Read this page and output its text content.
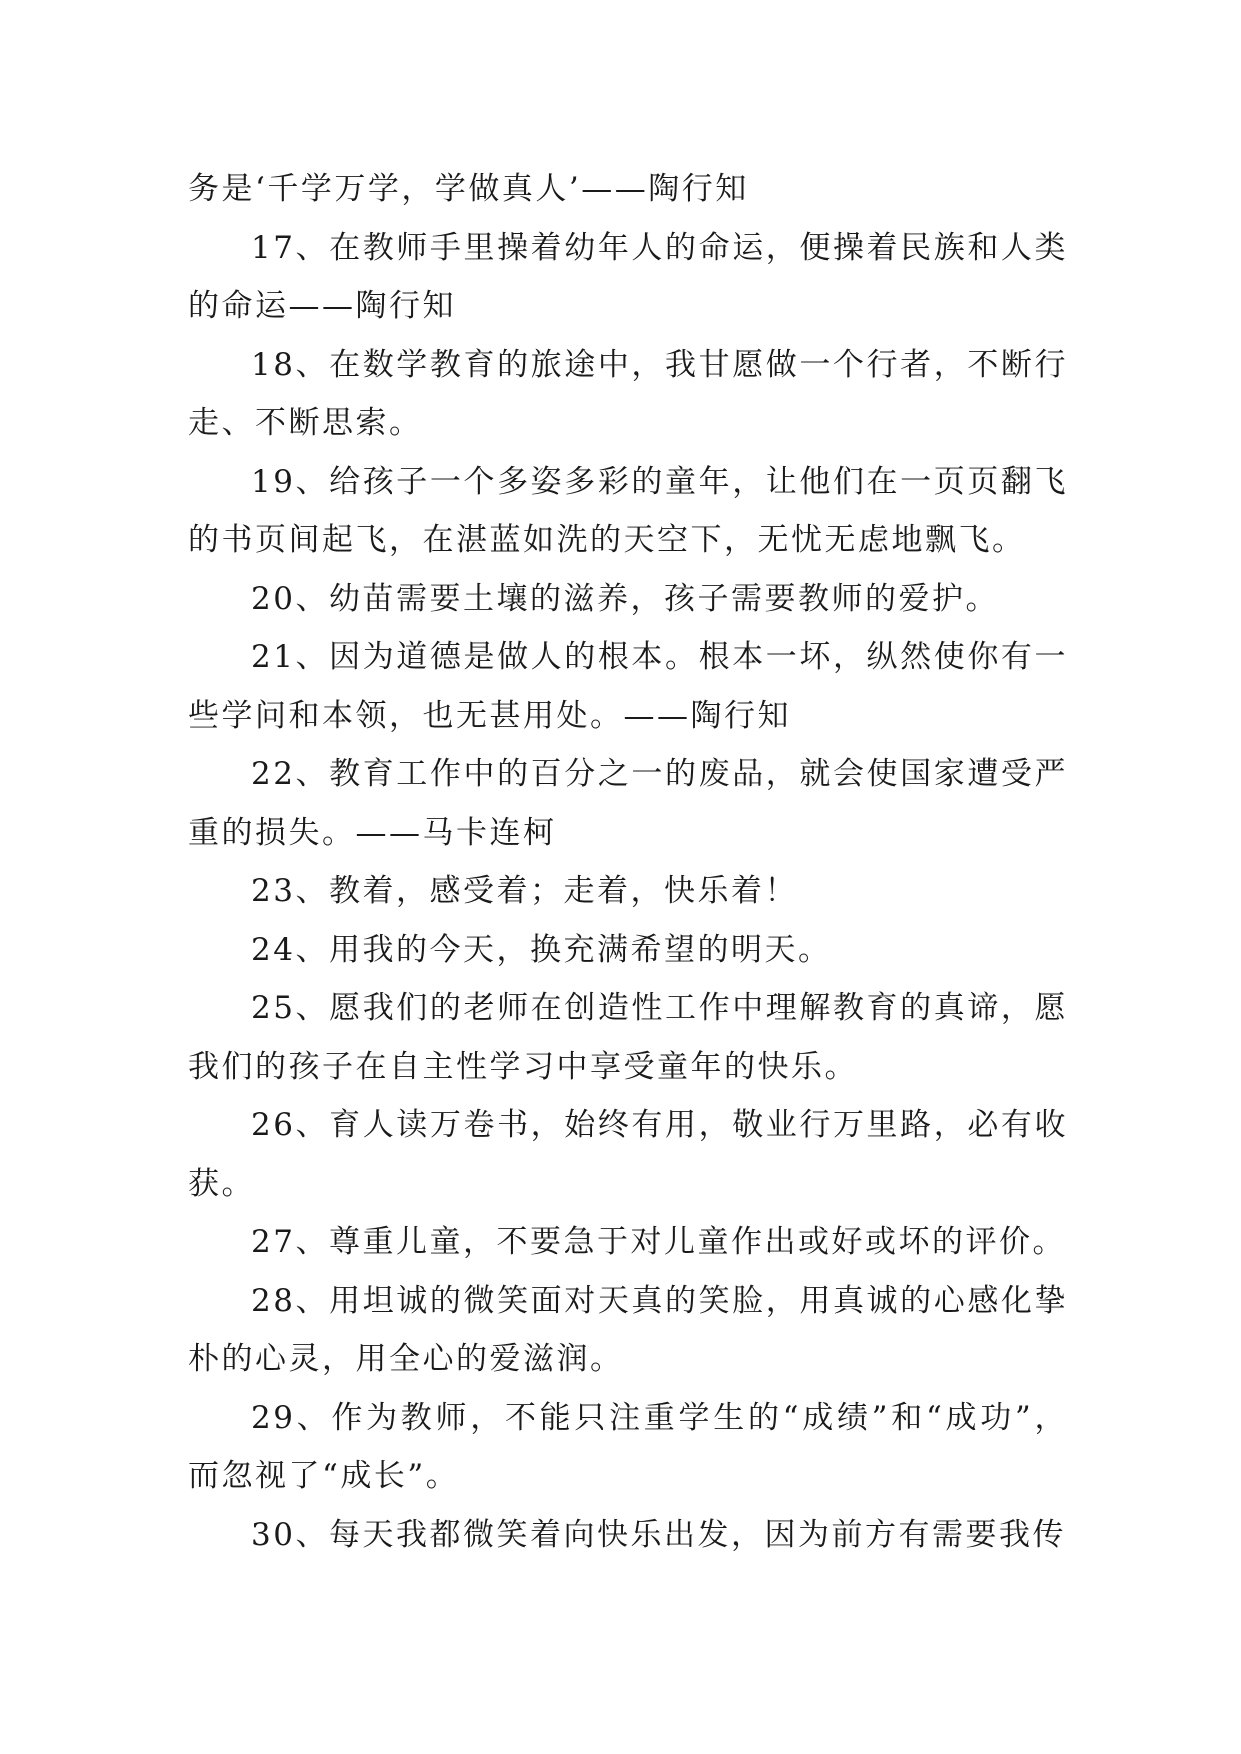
务是‘千学万学，学做真人’——陶行知

17、在教师手里操着幼年人的命运，便操着民族和人类的命运——陶行知

18、在数学教育的旅途中，我甘愿做一个行者，不断行走、不断思索。

19、给孩子一个多姿多彩的童年，让他们在一页页翻飞的书页间起飞，在湛蓝如洗的天空下，无忧无虑地飘飞。

20、幼苗需要土壤的滋养，孩子需要教师的爱护。

21、因为道德是做人的根本。根本一坏，纵然使你有一些学问和本领，也无甚用处。——陶行知

22、教育工作中的百分之一的废品，就会使国家遭受严重的损失。——马卡连柯

23、教着，感受着；走着，快乐着！

24、用我的今天，换充满希望的明天。

25、愿我们的老师在创造性工作中理解教育的真谛，愿我们的孩子在自主性学习中享受童年的快乐。

26、育人读万卷书，始终有用，敬业行万里路，必有收获。

27、尊重儿童，不要急于对儿童作出或好或坏的评价。

28、用坦诚的微笑面对天真的笑脸，用真诚的心感化挚朴的心灵，用全心的爱滋润。

29、作为教师，不能只注重学生的“成绩”和“成功”，而忽视了“成长”。

30、每天我都微笑着向快乐出发，因为前方有需要我传
